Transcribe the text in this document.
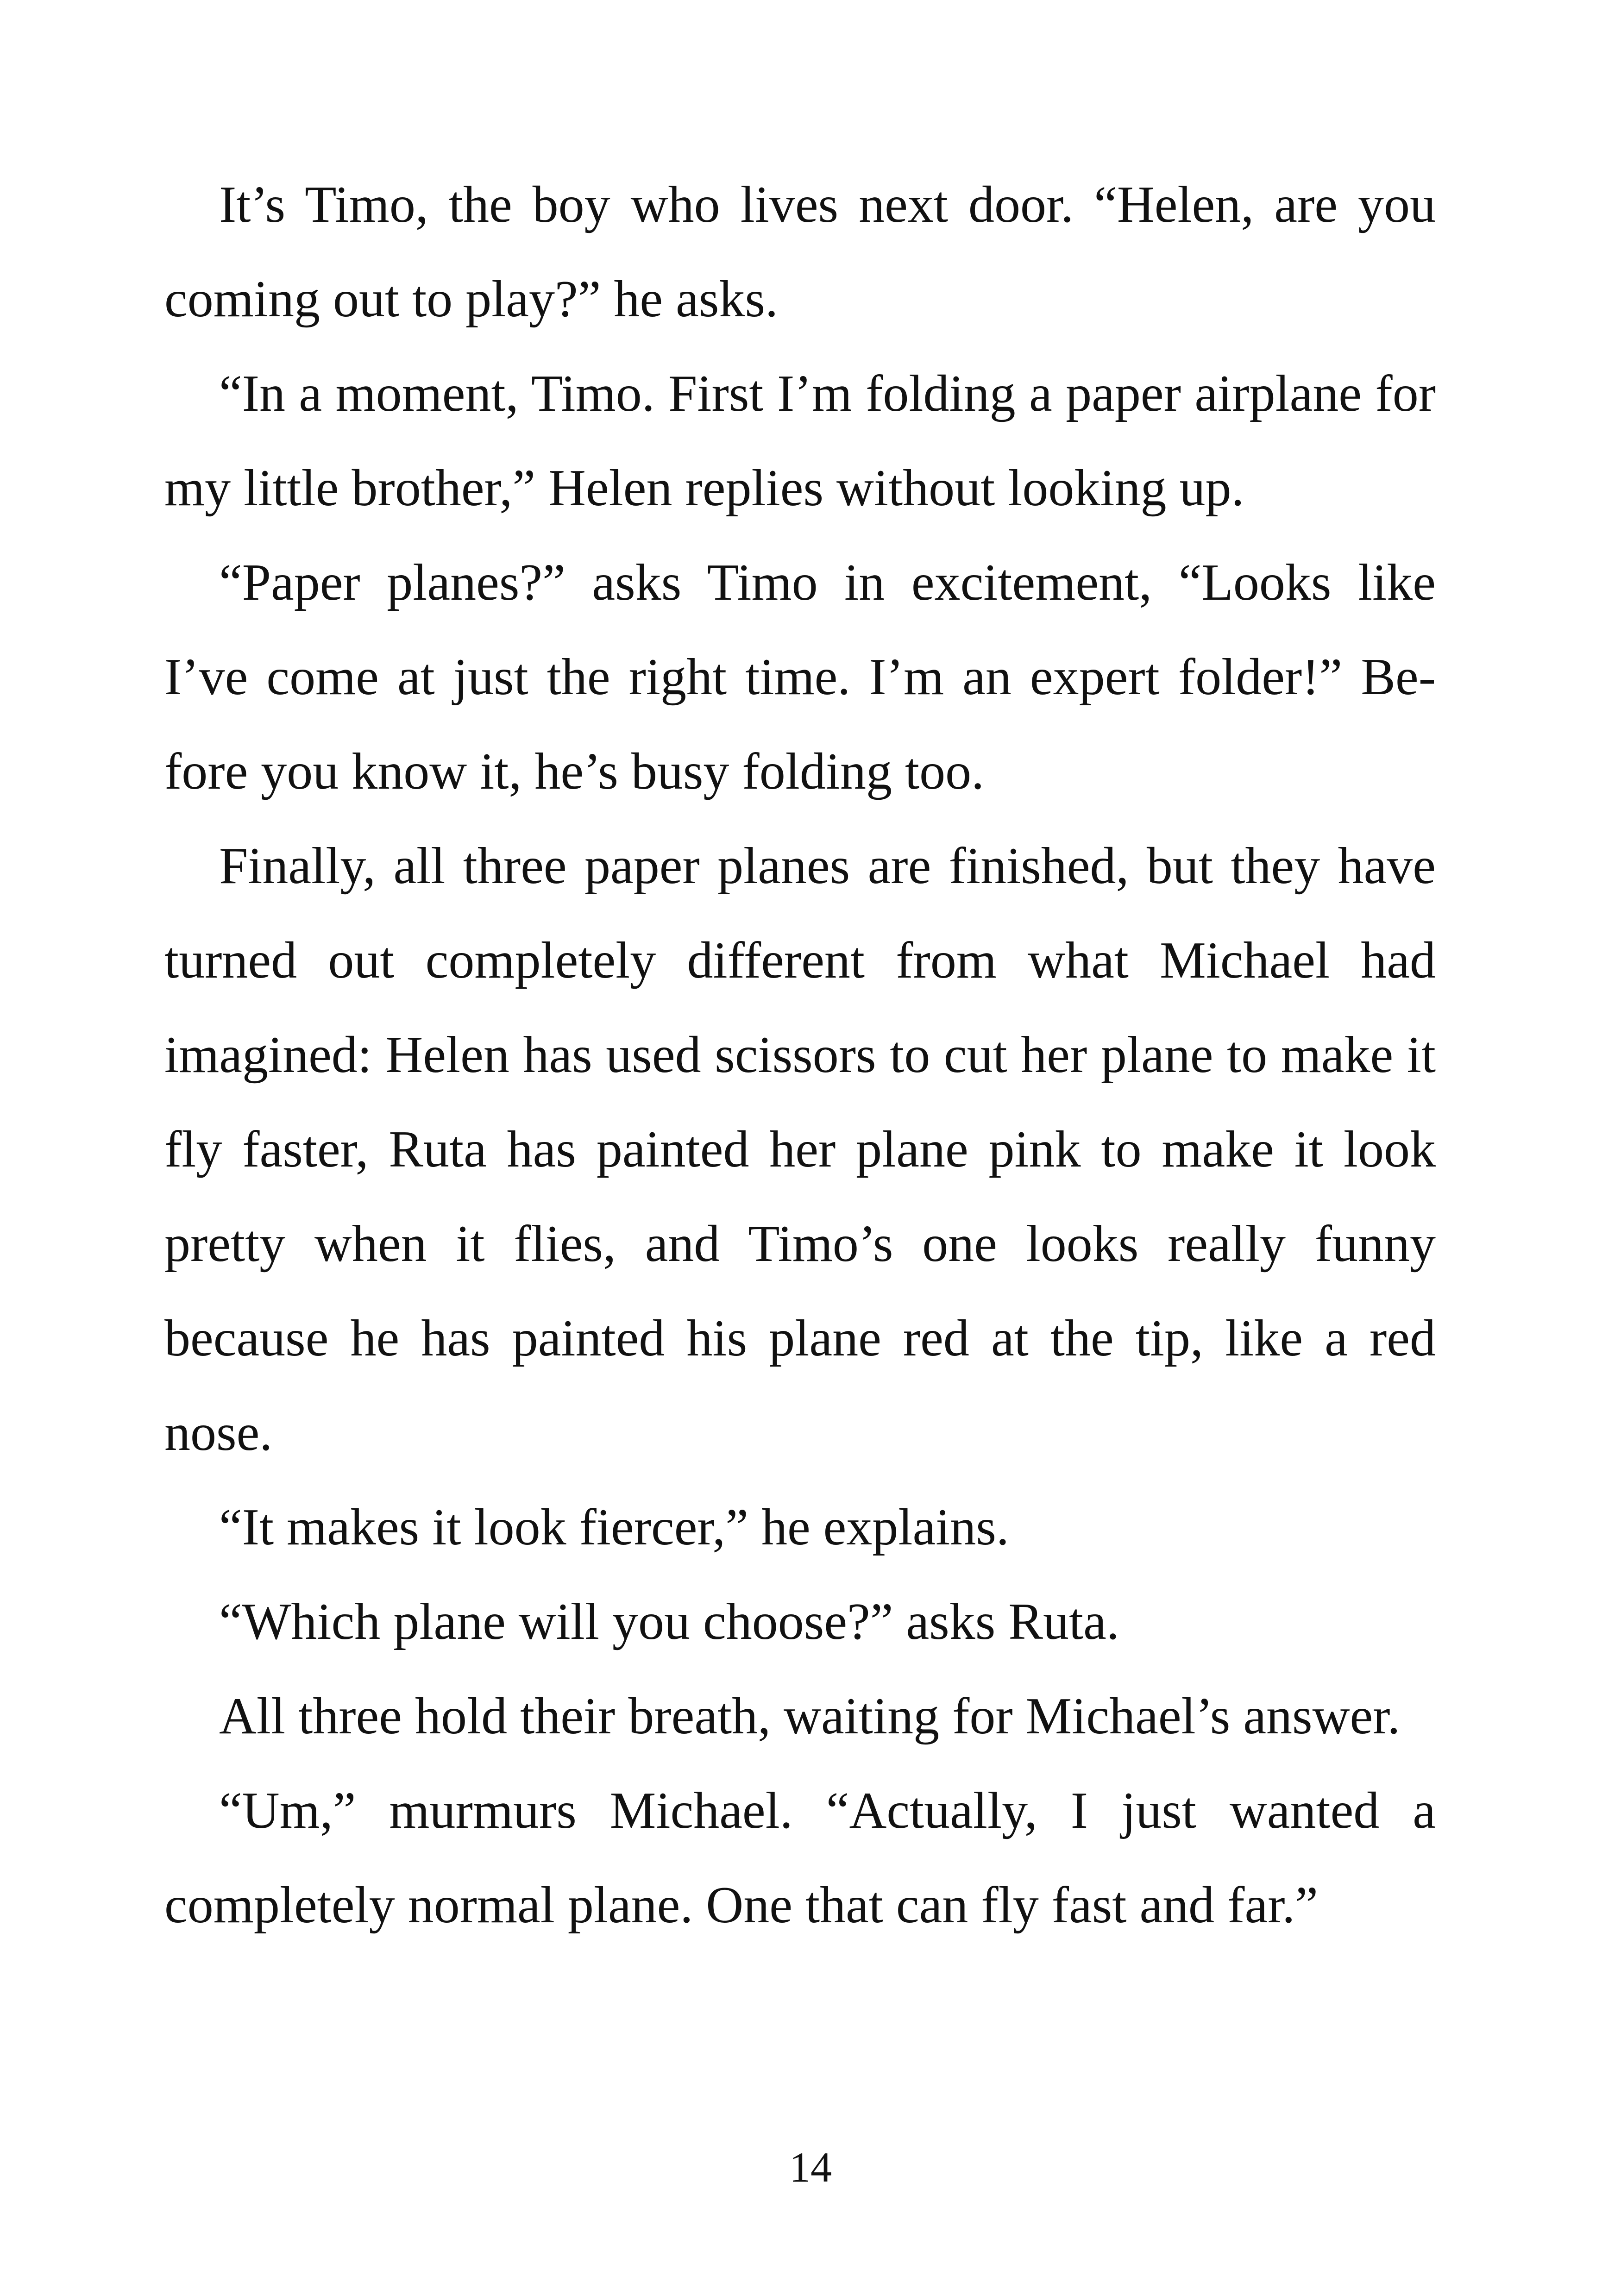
It’s Timo, the boy who lives next door. “Helen, are you coming out to play?” he asks.

“In a moment, Timo. First I’m folding a paper airplane for my little brother,” Helen replies without looking up.

“Paper planes?” asks Timo in excitement, “Looks like I’ve come at just the right time. I’m an expert folder!” Before you know it, he’s busy folding too.

Finally, all three paper planes are finished, but they have turned out completely different from what Michael had imagined: Helen has used scissors to cut her plane to make it fly faster, Ruta has painted her plane pink to make it look pretty when it flies, and Timo’s one looks really funny because he has painted his plane red at the tip, like a red nose.

“It makes it look fiercer,” he explains.

“Which plane will you choose?” asks Ruta.

All three hold their breath, waiting for Michael’s answer.

“Um,” murmurs Michael. “Actually, I just wanted a completely normal plane. One that can fly fast and far.”

14
